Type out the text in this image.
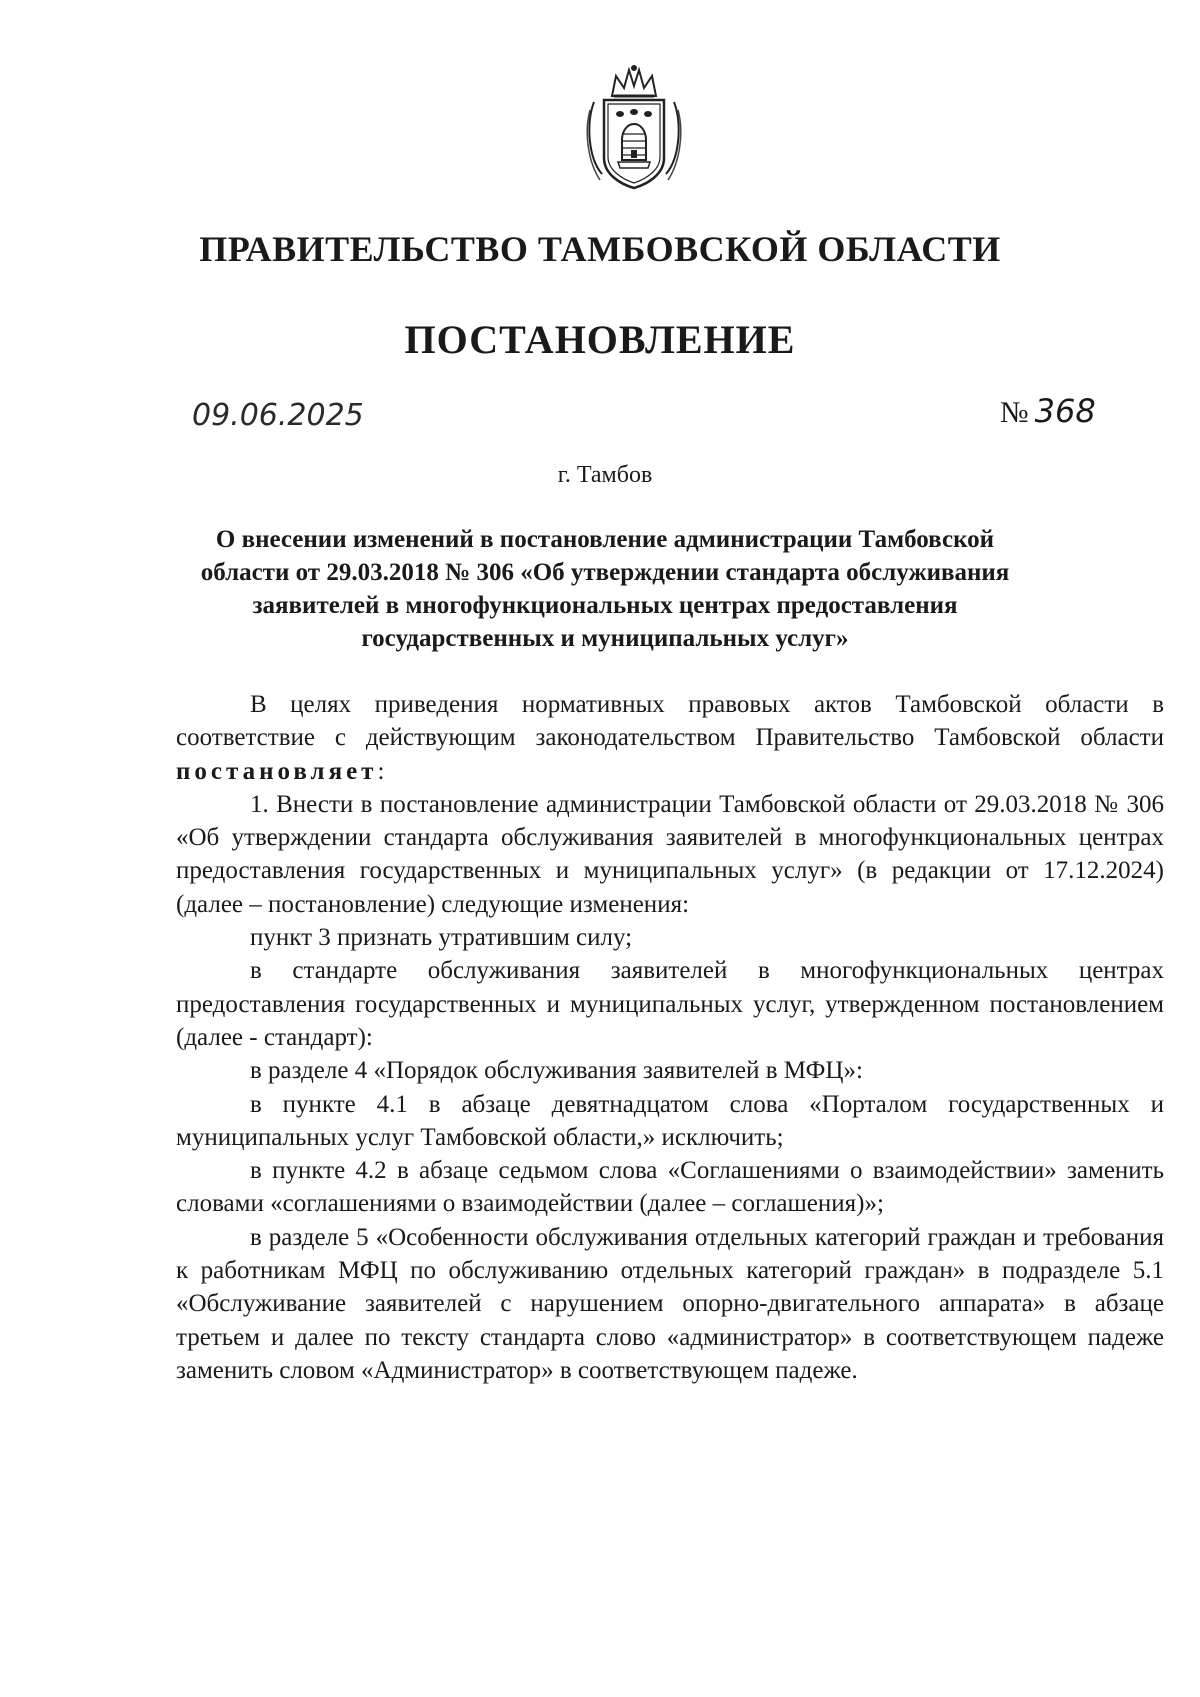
ПРАВИТЕЛЬСТВО ТАМБОВСКОЙ ОБЛАСТИ
ПОСТАНОВЛЕНИЕ
09.06.2025	№ 368
г. Тамбов
О внесении изменений в постановление администрации Тамбовской области от 29.03.2018 № 306 «Об утверждении стандарта обслуживания заявителей в многофункциональных центрах предоставления государственных и муниципальных услуг»

В целях приведения нормативных правовых актов Тамбовской области в соответствие с действующим законодательством Правительство Тамбовской области постановляет:

1. Внести в постановление администрации Тамбовской области от 29.03.2018 № 306 «Об утверждении стандарта обслуживания заявителей в многофункциональных центрах предоставления государственных и муниципальных услуг» (в редакции от 17.12.2024) (далее – постановление) следующие изменения:

пункт 3 признать утратившим силу;

в стандарте обслуживания заявителей в многофункциональных центрах предоставления государственных и муниципальных услуг, утвержденном постановлением (далее - стандарт):

в разделе 4 «Порядок обслуживания заявителей в МФЦ»:

в пункте 4.1 в абзаце девятнадцатом слова «Порталом государственных и муниципальных услуг Тамбовской области,» исключить;

в пункте 4.2 в абзаце седьмом слова «Соглашениями о взаимодействии» заменить словами «соглашениями о взаимодействии (далее – соглашения)»;

в разделе 5 «Особенности обслуживания отдельных категорий граждан и требования к работникам МФЦ по обслуживанию отдельных категорий граждан» в подразделе 5.1 «Обслуживание заявителей с нарушением опорно-двигательного аппарата» в абзаце третьем и далее по тексту стандарта слово «администратор» в соответствующем падеже заменить словом «Администратор» в соответствующем падеже.
